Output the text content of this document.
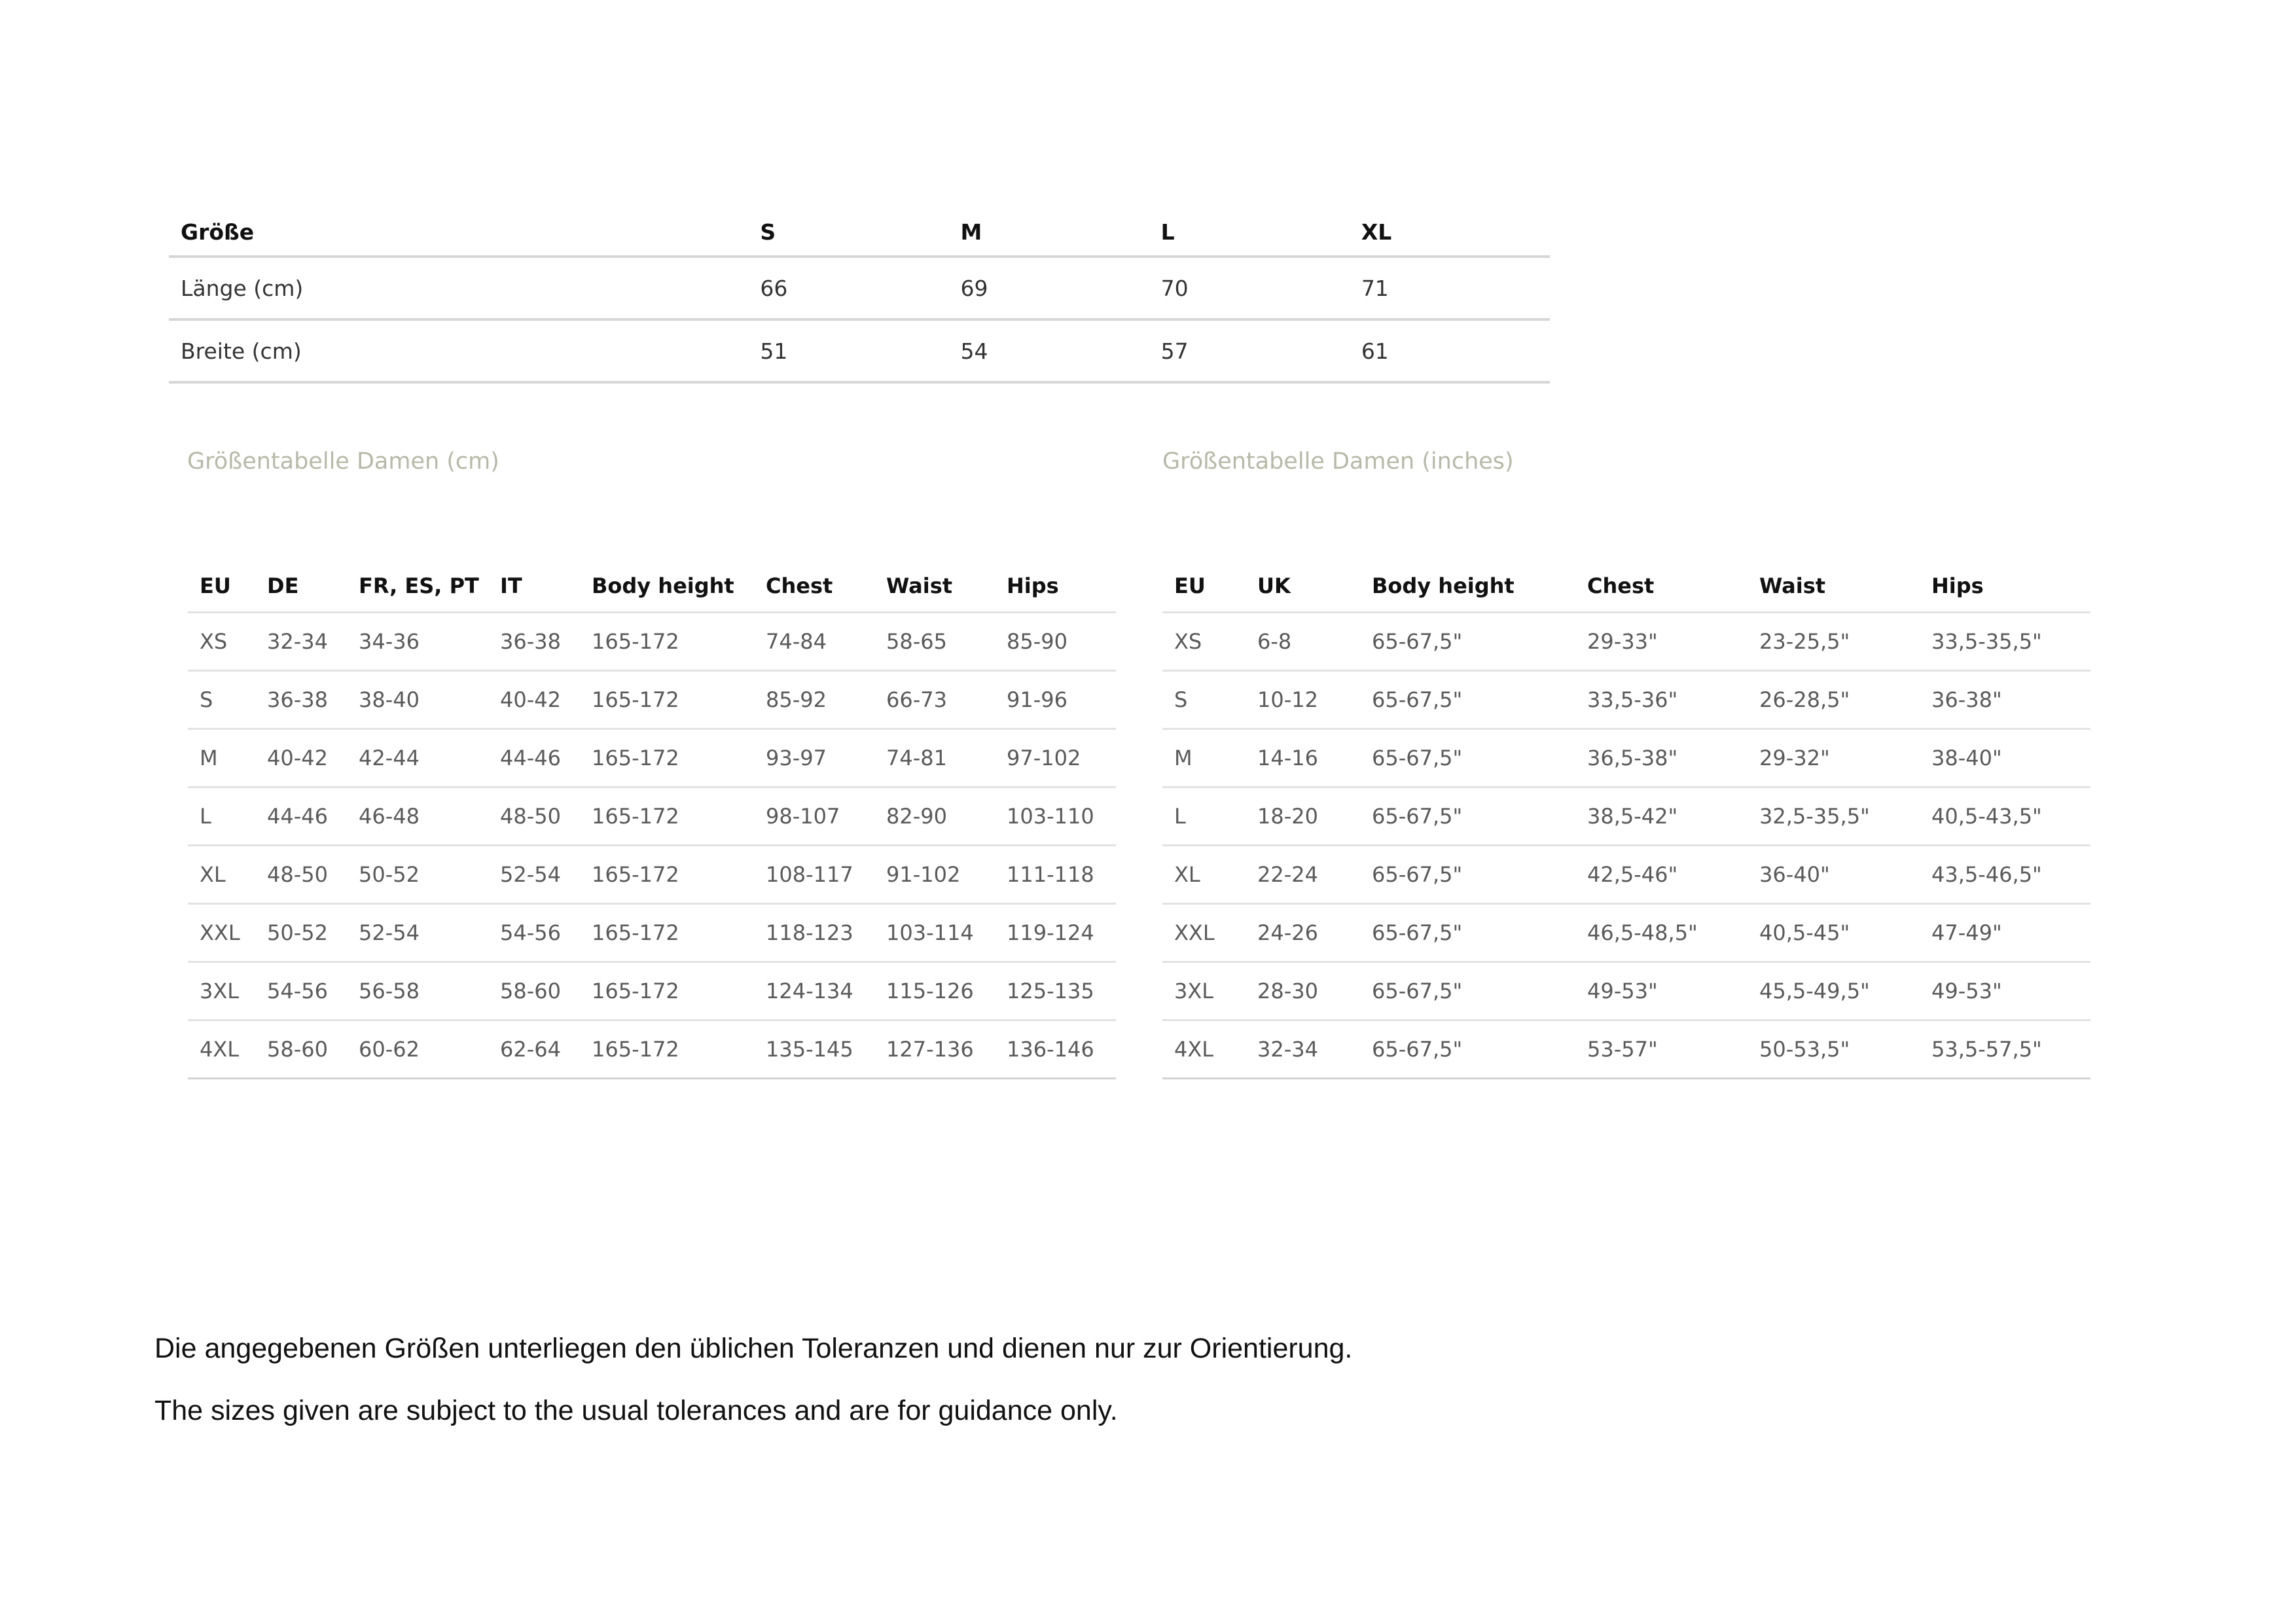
Größe	S	M	L	XL
Länge (cm)	66	69	70	71
Breite (cm)	51	54	57	61
Größentabelle Damen (cm)	Größentabelle Damen (inches)
EU	DE	FR, ES, PT	IT	Body height	Chest	Waist	Hips
XS	32-34	34-36	36-38	165-172	74-84	58-65	85-90
S	36-38	38-40	40-42	165-172	85-92	66-73	91-96
M	40-42	42-44	44-46	165-172	93-97	74-81	97-102
L	44-46	46-48	48-50	165-172	98-107	82-90	103-110
XL	48-50	50-52	52-54	165-172	108-117	91-102	111-118
XXL	50-52	52-54	54-56	165-172	118-123	103-114	119-124
3XL	54-56	56-58	58-60	165-172	124-134	115-126	125-135
4XL	58-60	60-62	62-64	165-172	135-145	127-136	136-146
EU	UK	Body height	Chest	Waist	Hips
XS	6-8	65-67,5"	29-33"	23-25,5"	33,5-35,5"
S	10-12	65-67,5"	33,5-36"	26-28,5"	36-38"
M	14-16	65-67,5"	36,5-38"	29-32"	38-40"
L	18-20	65-67,5"	38,5-42"	32,5-35,5"	40,5-43,5"
XL	22-24	65-67,5"	42,5-46"	36-40"	43,5-46,5"
XXL	24-26	65-67,5"	46,5-48,5"	40,5-45"	47-49"
3XL	28-30	65-67,5"	49-53"	45,5-49,5"	49-53"
4XL	32-34	65-67,5"	53-57"	50-53,5"	53,5-57,5"
Die angegebenen Größen unterliegen den üblichen Toleranzen und dienen nur zur Orientierung.
The sizes given are subject to the usual tolerances and are for guidance only.
